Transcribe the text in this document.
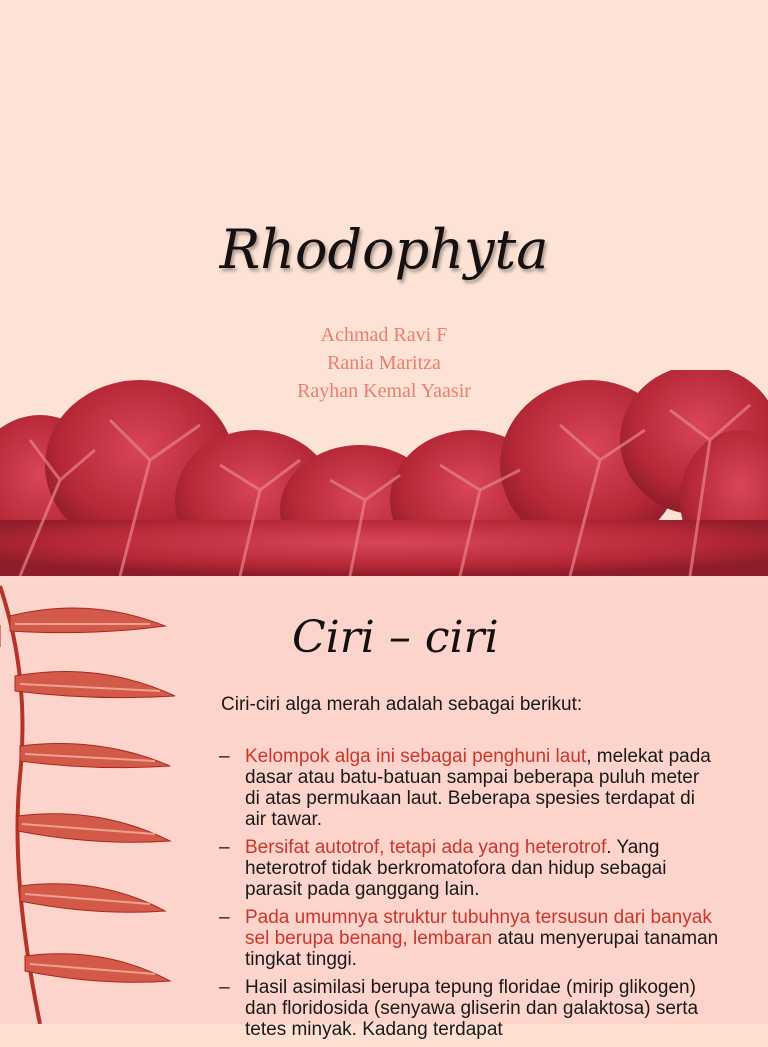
Rhodophyta
Achmad Ravi F
Rania Maritza
Rayhan Kemal Yaasir
Ciri – ciri
Ciri-ciri alga merah adalah sebagai berikut:
– Kelompok alga ini sebagai penghuni laut, melekat pada dasar atau batu-batuan sampai beberapa puluh meter di atas permukaan laut. Beberapa spesies terdapat di air tawar.
– Bersifat autotrof, tetapi ada yang heterotrof. Yang heterotrof tidak berkromatofora dan hidup sebagai parasit pada ganggang lain.
– Pada umumnya struktur tubuhnya tersusun dari banyak sel berupa benang, lembaran atau menyerupai tanaman tingkat tinggi.
– Hasil asimilasi berupa tepung floridae (mirip glikogen) dan floridosida (senyawa gliserin dan galaktosa) serta tetes minyak. Kadang terdapat
